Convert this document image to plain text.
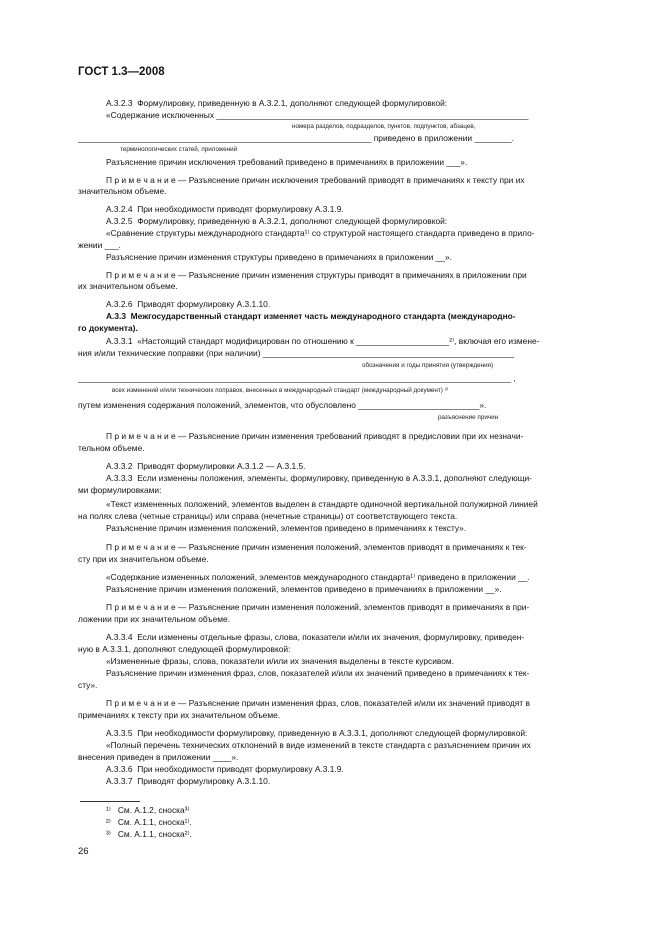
ГОСТ 1.3—2008
А.3.2.3  Формулировку, приведенную в А.3.2.1, дополняют следующей формулировкой:
«Содержание исключенных ___________________________________________________________________
номера разделов, подразделов, пунктов, подпунктов, абзацев,
_______________________________________________________________ приведено в приложении ________.
терминологических статей, приложений
Разъяснение причин исключения требований приведено в примечаниях в приложении ___».
П р и м е ч а н и е — Разъяснение причин исключения требований приводят в примечаниях к тексту при их
значительном объеме.
А.3.2.4  При необходимости приводят формулировку А.3.1.9.
А.3.2.5  Формулировку, приведенную в А.3.2.1, дополняют следующей формулировкой:
«Сравнение структуры международного стандарта¹⁾ со структурой настоящего стандарта приведено в прило-
жении ___.
Разъяснение причин изменения структуры приведено в примечаниях в приложении __».
П р и м е ч а н и е — Разъяснение причин изменения структуры приводят в примечаниях в приложении при
их значительном объеме.
А.3.2.6  Приводят формулировку А.3.1.10.
А.3.3  Межгосударственный стандарт изменяет часть международного стандарта (международно-
го документа).
А.3.3.1  «Настоящий стандарт модифицирован по отношению к ____________________²⁾, включая его измене-
ния и/или технические поправки (при наличии) ______________________________________________________
обозначения и годы принятия (утверждения)
_____________________________________________________________________________________________ ,
всех изменений и/или технических поправок, внесенных в международный стандарт (международный документ) ³⁾
путем изменения содержания положений, элементов, что обусловлено __________________________».
разъяснение причин
П р и м е ч а н и е — Разъяснение причин изменения требований приводят в предисловии при их незначи-
тельном объеме.
А.3.3.2  Приводят формулировки А.3.1.2 — А.3.1.5.
А.3.3.3  Если изменены положения, элементы, формулировку, приведенную в А.3.3.1, дополняют следующи-
ми формулировками:
«Текст измененных положений, элементов выделен в стандарте одиночной вертикальной полужирной линией
на полях слева (четные страницы) или справа (нечетные страницы) от соответствующего текста.
Разъяснение причин изменения положений, элементов приведено в примечаниях к тексту».
П р и м е ч а н и е — Разъяснение причин изменения положений, элементов приводят в примечаниях к тек-
сту при их значительном объеме.
«Содержание измененных положений, элементов международного стандарта¹⁾ приведено в приложении __.
Разъяснение причин изменения положений, элементов приведено в примечаниях в приложении __».
П р и м е ч а н и е — Разъяснение причин изменения положений, элементов приводят в примечаниях в при-
ложении при их значительном объеме.
А.3.3.4  Если изменены отдельные фразы, слова, показатели и/или их значения, формулировку, приведен-
ную в А.3.3.1, дополняют следующей формулировкой:
«Измененные фразы, слова, показатели и/или их значения выделены в тексте курсивом.
Разъяснение причин изменения фраз, слов, показателей и/или их значений приведено в примечаниях к тек-
сту».
П р и м е ч а н и е — Разъяснение причин изменения фраз, слов, показателей и/или их значений приводят в
примечаниях к тексту при их значительном объеме.
А.3.3.5  При необходимости формулировку, приведенную в А.3.3.1, дополняют следующей формулировкой:
«Полный перечень технических отклонений в виде изменений в тексте стандарта с разъяснением причин их
внесения приведен в приложении ____».
А.3.3.6  При необходимости приводят формулировку А.3.1.9.
А.3.3.7  Приводят формулировку А.3.1.10.
¹⁾   См. А.1.2, сноска³⁾
²⁾   См. А.1.1, сноска¹⁾.
³⁾   См. А.1.1, сноска²⁾.
26
